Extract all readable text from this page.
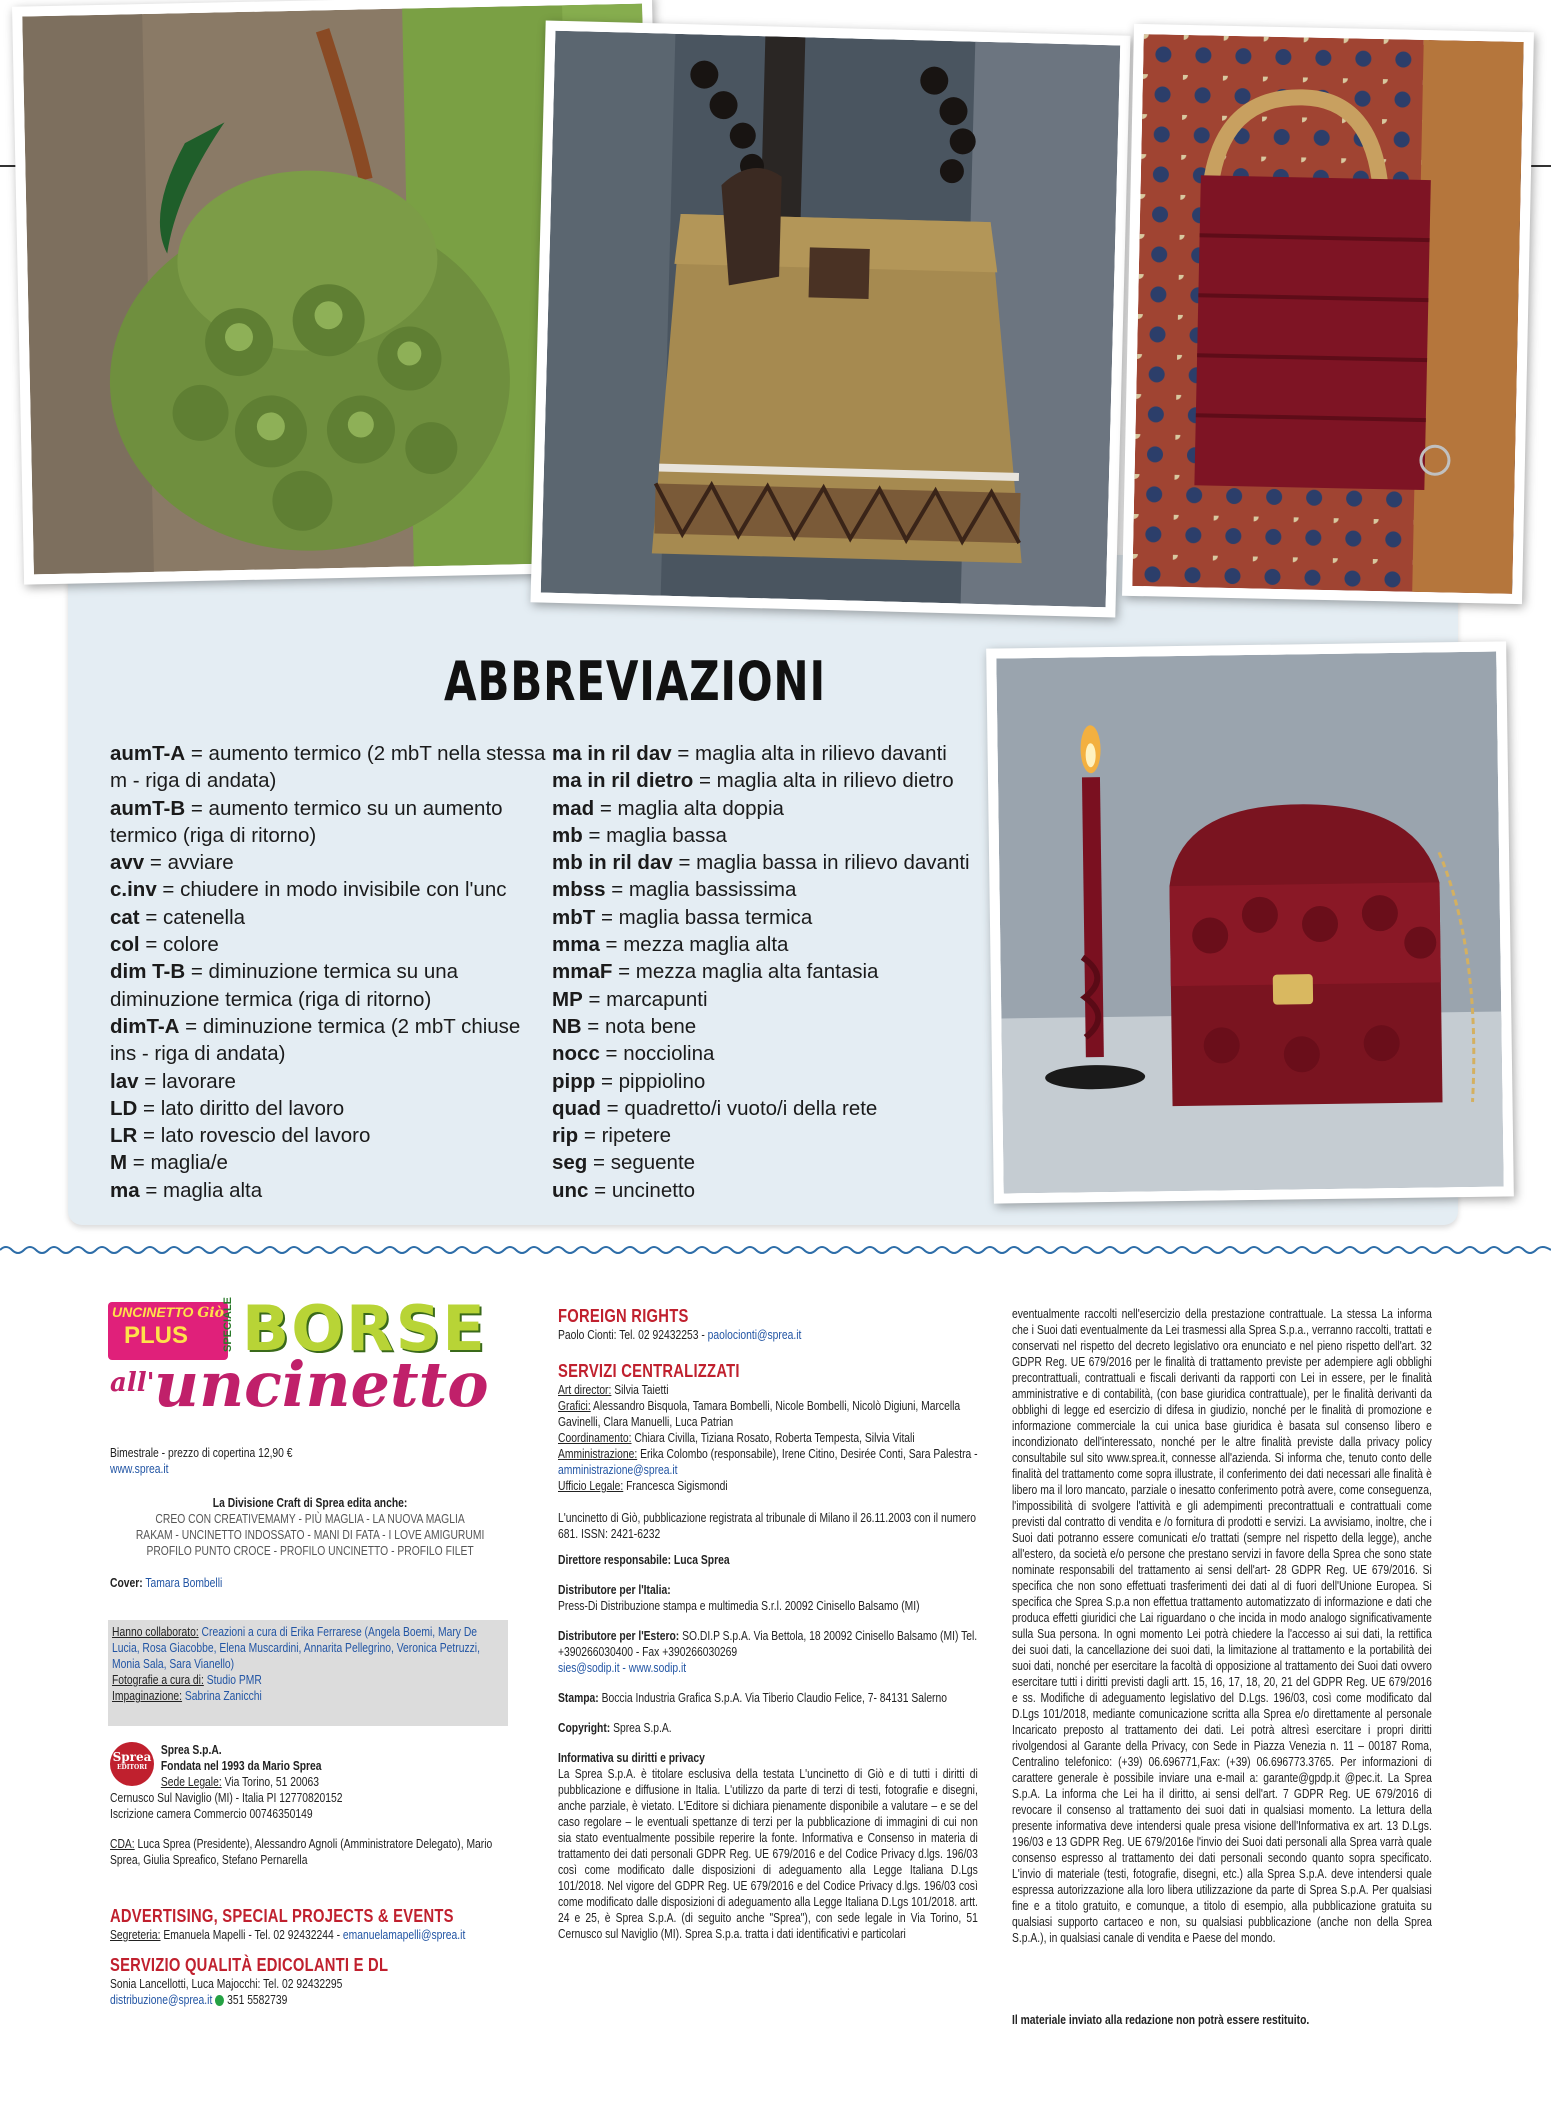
ABBREVIAZIONI
aumT-A = aumento termico (2 mbT nella stessa m - riga di andata)
aumT-B = aumento termico su un aumento termico (riga di ritorno)
avv = avviare
c.inv = chiudere in modo invisibile con l'unc
cat = catenella
col = colore
dim T-B = diminuzione termica su una diminuzione termica (riga di ritorno)
dimT-A = diminuzione termica (2 mbT chiuse ins - riga di andata)
lav = lavorare
LD = lato diritto del lavoro
LR = lato rovescio del lavoro
M = maglia/e
ma = maglia alta
ma in ril dav = maglia alta in rilievo davanti
ma in ril dietro = maglia alta in rilievo dietro
mad = maglia alta doppia
mb = maglia bassa
mb in ril dav = maglia bassa in rilievo davanti
mbss = maglia bassissima
mbT = maglia bassa termica
mma = mezza maglia alta
mmaF = mezza maglia alta fantasia
MP = marcapunti
NB = nota bene
nocc = nocciolina
pipp = pippiolino
quad = quadretto/i vuoto/i della rete
rip = ripetere
seg = seguente
unc = uncinetto
UNCINETTO Giò
PLUS	SPECIALE BORSE
all' uncinetto
Bimestrale - prezzo di copertina 12,90 €
www.sprea.it
La Divisione Craft di Sprea edita anche:
CREO CON CREATIVEMAMY - PIÙ MAGLIA - LA NUOVA MAGLIA
RAKAM - UNCINETTO INDOSSATO - MANI DI FATA - I LOVE AMIGURUMI
PROFILO PUNTO CROCE - PROFILO UNCINETTO - PROFILO FILET
Cover: Tamara Bombelli
Hanno collaborato: Creazioni a cura di Erika Ferrarese (Angela Boemi, Mary De Lucia, Rosa Giacobbe, Elena Muscardini, Annarita Pellegrino, Veronica Petruzzi, Monia Sala, Sara Vianello)
Fotografie a cura di: Studio PMR
Impaginazione: Sabrina Zanicchi
Sprea
EDITORI
Sprea S.p.A.
Fondata nel 1993 da Mario Sprea
Sede Legale: Via Torino, 51 20063
Cernusco Sul Naviglio (MI) - Italia PI 12770820152
Iscrizione camera Commercio 00746350149
CDA: Luca Sprea (Presidente), Alessandro Agnoli (Amministratore Delegato), Mario Sprea, Giulia Spreafico, Stefano Pernarella
ADVERTISING, SPECIAL PROJECTS & EVENTS
Segreteria: Emanuela Mapelli - Tel. 02 92432244 - emanuelamapelli@sprea.it
SERVIZIO QUALITÀ EDICOLANTI E DL
Sonia Lancellotti, Luca Majocchi: Tel. 02 92432295
distribuzione@sprea.it 351 5582739
FOREIGN RIGHTS
Paolo Cionti: Tel. 02 92432253 - paolocionti@sprea.it
SERVIZI CENTRALIZZATI
Art director: Silvia Taietti
Grafici: Alessandro Bisquola, Tamara Bombelli, Nicole Bombelli, Nicolò Digiuni, Marcella Gavinelli, Clara Manuelli, Luca Patrian
Coordinamento: Chiara Civilla, Tiziana Rosato, Roberta Tempesta, Silvia Vitali
Amministrazione: Erika Colombo (responsabile), Irene Citino, Desirée Conti, Sara Palestra - amministrazione@sprea.it
Ufficio Legale: Francesca Sigismondi
L'uncinetto di Giò, pubblicazione registrata al tribunale di Milano il 26.11.2003 con il numero 681. ISSN: 2421-6232
Direttore responsabile: Luca Sprea
Distributore per l'Italia:
Press-Di Distribuzione stampa e multimedia S.r.l. 20092 Cinisello Balsamo (MI)
Distributore per l'Estero: SO.DI.P S.p.A. Via Bettola, 18 20092 Cinisello Balsamo (MI) Tel. +390266030400 - Fax +390266030269
sies@sodip.it - www.sodip.it
Stampa: Boccia Industria Grafica S.p.A. Via Tiberio Claudio Felice, 7- 84131 Salerno
Copyright: Sprea S.p.A.
Informativa su diritti e privacy
La Sprea S.p.A. è titolare esclusiva della testata L'uncinetto di Giò e di tutti i diritti di pubblicazione e diffusione in Italia. L'utilizzo da parte di terzi di testi, fotografie e disegni, anche parziale, è vietato. L'Editore si dichiara pienamente disponibile a valutare – e se del caso regolare – le eventuali spettanze di terzi per la pubblicazione di immagini di cui non sia stato eventualmente possibile reperire la fonte. Informativa e Consenso in materia di trattamento dei dati personali GDPR Reg. UE 679/2016 e del Codice Privacy d.lgs. 196/03 così come modificato dalle disposizioni di adeguamento alla Legge Italiana D.Lgs 101/2018. Nel vigore del GDPR Reg. UE 679/2016 e del Codice Privacy d.lgs. 196/03 così come modificato dalle disposizioni di adeguamento alla Legge Italiana D.Lgs 101/2018. artt. 24 e 25, è Sprea S.p.A. (di seguito anche "Sprea"), con sede legale in Via Torino, 51 Cernusco sul Naviglio (MI). Sprea S.p.a. tratta i dati identificativi e particolari
eventualmente raccolti nell'esercizio della prestazione contrattuale. La stessa La informa che i Suoi dati eventualmente da Lei trasmessi alla Sprea S.p.a., verranno raccolti, trattati e conservati nel rispetto del decreto legislativo ora enunciato e nel pieno rispetto dell'art. 32 GDPR Reg. UE 679/2016 per le finalità di trattamento previste per adempiere agli obblighi precontrattuali, contrattuali e fiscali derivanti da rapporti con Lei in essere, per le finalità amministrative e di contabilità, (con base giuridica contrattuale), per le finalità derivanti da obblighi di legge ed esercizio di difesa in giudizio, nonché per le finalità di promozione e informazione commerciale la cui unica base giuridica è basata sul consenso libero e incondizionato dell'interessato, nonché per le altre finalità previste dalla privacy policy consultabile sul sito www.sprea.it, connesse all'azienda. Si informa che, tenuto conto delle finalità del trattamento come sopra illustrate, il conferimento dei dati necessari alle finalità è libero ma il loro mancato, parziale o inesatto conferimento potrà avere, come conseguenza, l'impossibilità di svolgere l'attività e gli adempimenti precontrattuali e contrattuali come previsti dal contratto di vendita e /o fornitura di prodotti e servizi. La avvisiamo, inoltre, che i Suoi dati potranno essere comunicati e/o trattati (sempre nel rispetto della legge), anche all'estero, da società e/o persone che prestano servizi in favore della Sprea che sono state nominate responsabili del trattamento ai sensi dell'art- 28 GDPR Reg. UE 679/2016. Si specifica che non sono effettuati trasferimenti dei dati al di fuori dell'Unione Europea. Si specifica che Sprea S.p.a non effettua trattamento automatizzato di informazione e dati che produca effetti giuridici che Lai riguardano o che incida in modo analogo significativamente sulla Sua persona. In ogni momento Lei potrà chiedere la l'accesso ai sui dati, la rettifica dei suoi dati, la cancellazione dei suoi dati, la limitazione al trattamento e la portabilità dei suoi dati, nonché per esercitare la facoltà di opposizione al trattamento dei Suoi dati ovvero esercitare tutti i diritti previsti dagli artt. 15, 16, 17, 18, 20, 21 del GDPR Reg. UE 679/2016 e ss. Modifiche di adeguamento legislativo del D.Lgs. 196/03, così come modificato dal D.Lgs 101/2018, mediante comunicazione scritta alla Sprea e/o direttamente al personale Incaricato preposto al trattamento dei dati. Lei potrà altresì esercitare i propri diritti rivolgendosi al Garante della Privacy, con Sede in Piazza Venezia n. 11 – 00187 Roma, Centralino telefonico: (+39) 06.696771,Fax: (+39) 06.696773.3765. Per informazioni di carattere generale è possibile inviare una e-mail a: garante@gpdp.it @pec.it. La Sprea S.p.A. La informa che Lei ha il diritto, ai sensi dell'art. 7 GDPR Reg. UE 679/2016 di revocare il consenso al trattamento dei suoi dati in qualsiasi momento. La lettura della presente informativa deve intendersi quale presa visione dell'Informativa ex art. 13 D.Lgs. 196/03 e 13 GDPR Reg. UE 679/2016e l'invio dei Suoi dati personali alla Sprea varrà quale consenso espresso al trattamento dei dati personali secondo quanto sopra specificato. L'invio di materiale (testi, fotografie, disegni, etc.) alla Sprea S.p.A. deve intendersi quale espressa autorizzazione alla loro libera utilizzazione da parte di Sprea S.p.A. Per qualsiasi fine e a titolo gratuito, e comunque, a titolo di esempio, alla pubblicazione gratuita su qualsiasi supporto cartaceo e non, su qualsiasi pubblicazione (anche non della Sprea S.p.A.), in qualsiasi canale di vendita e Paese del mondo.
Il materiale inviato alla redazione non potrà essere restituito.
